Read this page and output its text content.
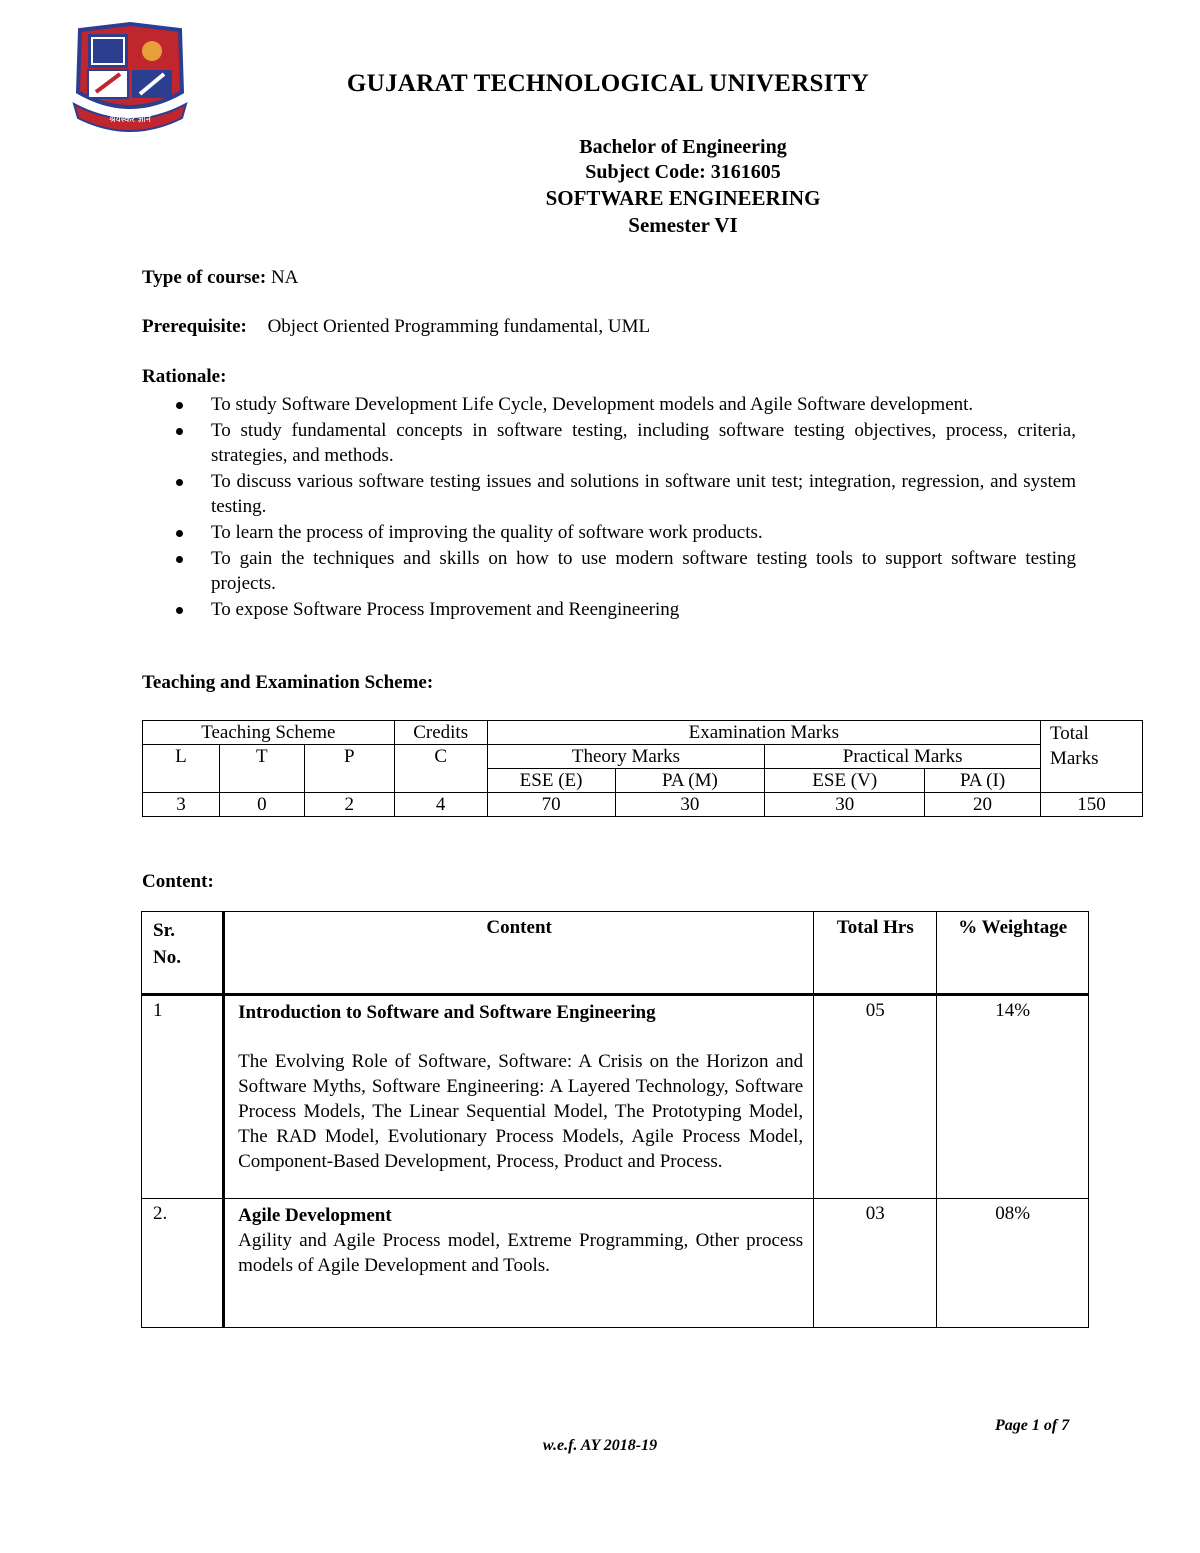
श्रेयस्कर ज्ञान
GUJARAT TECHNOLOGICAL UNIVERSITY
Bachelor of Engineering
Subject Code: 3161605
SOFTWARE ENGINEERING
Semester VI
Type of course: NA
Prerequisite: Object Oriented Programming fundamental, UML
Rationale:
To study Software Development Life Cycle, Development models and Agile Software development.
To study fundamental concepts in software testing, including software testing objectives, process, criteria, strategies, and methods.
To discuss various software testing issues and solutions in software unit test; integration, regression, and system testing.
To learn the process of improving the quality of software work products.
To gain the techniques and skills on how to use modern software testing tools to support software testing projects.
To expose Software Process Improvement and Reengineering
Teaching and Examination Scheme:
Teaching Scheme			Credits	Examination Marks				Total
Marks
L	T	P	C	Theory Marks		Practical Marks		
				ESE (E)	PA (M)	ESE (V)	PA (I)	
3	0	2	4	70	30	30	20	150
Content:
Sr.
No.	Content	Total Hrs	% Weightage
1	Introduction to Software and Software Engineering
The Evolving Role of Software, Software: A Crisis on the Horizon and Software Myths, Software Engineering: A Layered Technology, Software Process Models, The Linear Sequential Model, The Prototyping Model, The RAD Model, Evolutionary Process Models, Agile Process Model, Component-Based Development, Process, Product and Process.	05	14%
2.	Agile Development
Agility and Agile Process model, Extreme Programming, Other process models of Agile Development and Tools.	03	08%
Page 1 of 7
w.e.f. AY 2018-19
